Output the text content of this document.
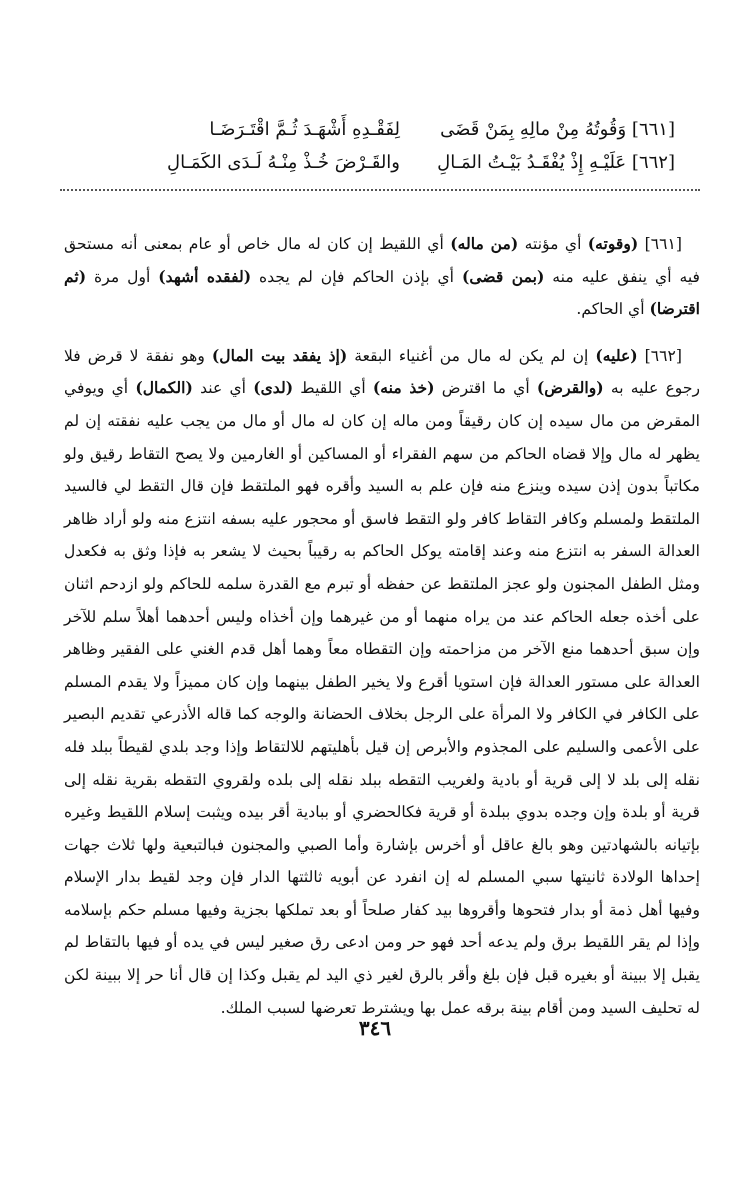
[٦٦١] وَقُوتُهُ مِنْ مالِهِ بِمَنْ قَضَى
لِفَقْـدِهِ أَشْهَـدَ ثُـمَّ اقْتَـرَضَـا
[٦٦٢] عَلَيْـهِ إِذْ يُفْقَـدُ بَيْـتُ المَـالِ
والقَـرْضَ خُـذْ مِنْـهُ لَـدَى الكَمَـالِ

[٦٦١] (وقوته) أي مؤنته (من ماله) أي اللقيط إن كان له مال خاص أو عام بمعنى أنه مستحق فيه أي ينفق عليه منه (بمن قضى) أي بإذن الحاكم فإن لم يجده (لفقده أشهد) أول مرة (ثم اقترضا) أي الحاكم.

[٦٦٢] (عليه) إن لم يكن له مال من أغنياء البقعة (إذ يفقد بيت المال) وهو نفقة لا قرض فلا رجوع عليه به (والقرض) أي ما اقترض (خذ منه) أي اللقيط (لدى) أي عند (الكمال) أي ويوفي المقرض من مال سيده إن كان رقيقاً ومن ماله إن كان له مال أو مال من يجب عليه نفقته إن لم يظهر له مال وإلا قضاه الحاكم من سهم الفقراء أو المساكين أو الغارمين ولا يصح التقاط رقيق ولو مكاتباً بدون إذن سيده وينزع منه فإن علم به السيد وأقره فهو الملتقط فإن قال التقط لي فالسيد الملتقط ولمسلم وكافر التقاط كافر ولو التقط فاسق أو محجور عليه بسفه انتزع منه ولو أراد ظاهر العدالة السفر به انتزع منه وعند إقامته يوكل الحاكم به رقيباً بحيث لا يشعر به فإذا وثق به فكعدل ومثل الطفل المجنون ولو عجز الملتقط عن حفظه أو تبرم مع القدرة سلمه للحاكم ولو ازدحم اثنان على أخذه جعله الحاكم عند من يراه منهما أو من غيرهما وإن أخذاه وليس أحدهما أهلاً سلم للآخر وإن سبق أحدهما منع الآخر من مزاحمته وإن التقطاه معاً وهما أهل قدم الغني على الفقير وظاهر العدالة على مستور العدالة فإن استويا أقرع ولا يخير الطفل بينهما وإن كان مميزاً ولا يقدم المسلم على الكافر في الكافر ولا المرأة على الرجل بخلاف الحضانة والوجه كما قاله الأذرعي تقديم البصير على الأعمى والسليم على المجذوم والأبرص إن قيل بأهليتهم للالتقاط وإذا وجد بلدي لقيطاً ببلد فله نقله إلى بلد لا إلى قرية أو بادية ولغريب التقطه ببلد نقله إلى بلده ولقروي التقطه بقرية نقله إلى قرية أو بلدة وإن وجده بدوي ببلدة أو قرية فكالحضري أو ببادية أقر بيده ويثبت إسلام اللقيط وغيره بإتيانه بالشهادتين وهو بالغ عاقل أو أخرس بإشارة وأما الصبي والمجنون فبالتبعية ولها ثلاث جهات إحداها الولادة ثانيتها سبي المسلم له إن انفرد عن أبويه ثالثتها الدار فإن وجد لقيط بدار الإسلام وفيها أهل ذمة أو بدار فتحوها وأقروها بيد كفار صلحاً أو بعد تملكها بجزية وفيها مسلم حكم بإسلامه وإذا لم يقر اللقيط برق ولم يدعه أحد فهو حر ومن ادعى رق صغير ليس في يده أو فيها بالتقاط لم يقبل إلا ببينة أو بغيره قبل فإن بلغ وأقر بالرق لغير ذي اليد لم يقبل وكذا إن قال أنا حر إلا ببينة لكن له تحليف السيد ومن أقام بينة برقه عمل بها ويشترط تعرضها لسبب الملك.

٣٤٦
